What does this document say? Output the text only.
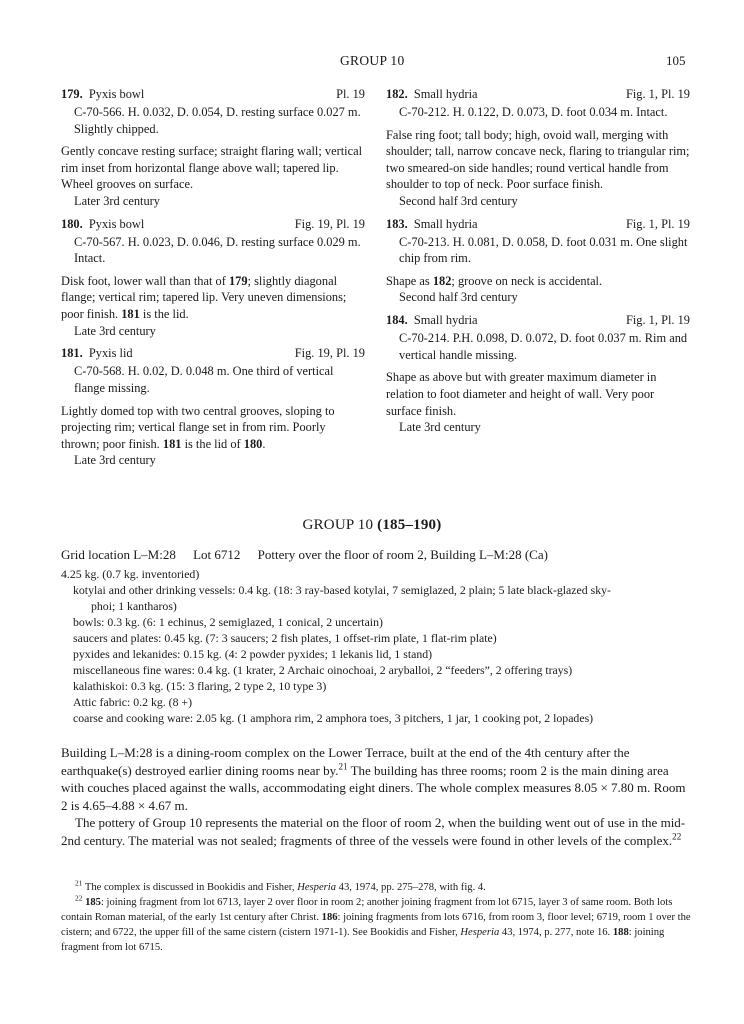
GROUP 10	105
179. Pyxis bowl	Pl. 19
C-70-566. H. 0.032, D. 0.054, D. resting surface 0.027 m. Slightly chipped.

Gently concave resting surface; straight flaring wall; vertical rim inset from horizontal flange above wall; tapered lip. Wheel grooves on surface.

Later 3rd century
180. Pyxis bowl	Fig. 19, Pl. 19
C-70-567. H. 0.023, D. 0.046, D. resting surface 0.029 m. Intact.

Disk foot, lower wall than that of 179; slightly diagonal flange; vertical rim; tapered lip. Very uneven dimensions; poor finish. 181 is the lid.

Late 3rd century
181. Pyxis lid	Fig. 19, Pl. 19
C-70-568. H. 0.02, D. 0.048 m. One third of vertical flange missing.

Lightly domed top with two central grooves, sloping to projecting rim; vertical flange set in from rim. Poorly thrown; poor finish. 181 is the lid of 180.

Late 3rd century
182. Small hydria	Fig. 1, Pl. 19
C-70-212. H. 0.122, D. 0.073, D. foot 0.034 m. Intact.

False ring foot; tall body; high, ovoid wall, merging with shoulder; tall, narrow concave neck, flaring to triangular rim; two smeared-on side handles; round vertical handle from shoulder to top of neck. Poor surface finish.

Second half 3rd century
183. Small hydria	Fig. 1, Pl. 19
C-70-213. H. 0.081, D. 0.058, D. foot 0.031 m. One slight chip from rim.

Shape as 182; groove on neck is accidental.

Second half 3rd century
184. Small hydria	Fig. 1, Pl. 19
C-70-214. P.H. 0.098, D. 0.072, D. foot 0.037 m. Rim and vertical handle missing.

Shape as above but with greater maximum diameter in relation to foot diameter and height of wall. Very poor surface finish.

Late 3rd century
GROUP 10 (185–190)
Grid location L–M:28 Lot 6712 Pottery over the floor of room 2, Building L–M:28 (Ca)
4.25 kg. (0.7 kg. inventoried)
kotylai and other drinking vessels: 0.4 kg. (18: 3 ray-based kotylai, 7 semiglazed, 2 plain; 5 late black-glazed sky-
phoi; 1 kantharos)
bowls: 0.3 kg. (6: 1 echinus, 2 semiglazed, 1 conical, 2 uncertain)
saucers and plates: 0.45 kg. (7: 3 saucers; 2 fish plates, 1 offset-rim plate, 1 flat-rim plate)
pyxides and lekanides: 0.15 kg. (4: 2 powder pyxides; 1 lekanis lid, 1 stand)
miscellaneous fine wares: 0.4 kg. (1 krater, 2 Archaic oinochoai, 2 aryballoi, 2 “feeders”, 2 offering trays)
kalathiskoi: 0.3 kg. (15: 3 flaring, 2 type 2, 10 type 3)
Attic fabric: 0.2 kg. (8 +)
coarse and cooking ware: 2.05 kg. (1 amphora rim, 2 amphora toes, 3 pitchers, 1 jar, 1 cooking pot, 2 lopades)

Building L–M:28 is a dining-room complex on the Lower Terrace, built at the end of the 4th century after the earthquake(s) destroyed earlier dining rooms near by.$^{21}$ The building has three rooms; room 2 is the main dining area with couches placed against the walls, accommodating eight diners. The whole complex measures 8.05 × 7.80 m. Room 2 is 4.65–4.88 × 4.67 m.

The pottery of Group 10 represents the material on the floor of room 2, when the building went out of use in the mid-2nd century. The material was not sealed; fragments of three of the vessels were found in other levels of the complex.$^{22}$

$^{21}$ The complex is discussed in Bookidis and Fisher, Hesperia 43, 1974, pp. 275–278, with fig. 4.

$^{22}$ 185: joining fragment from lot 6713, layer 2 over floor in room 2; another joining fragment from lot 6715, layer 3 of same room. Both lots contain Roman material, of the early 1st century after Christ. 186: joining fragments from lots 6716, from room 3, floor level; 6719, room 1 over the cistern; and 6722, the upper fill of the same cistern (cistern 1971-1). See Bookidis and Fisher, Hesperia 43, 1974, p. 277, note 16. 188: joining fragment from lot 6715.
